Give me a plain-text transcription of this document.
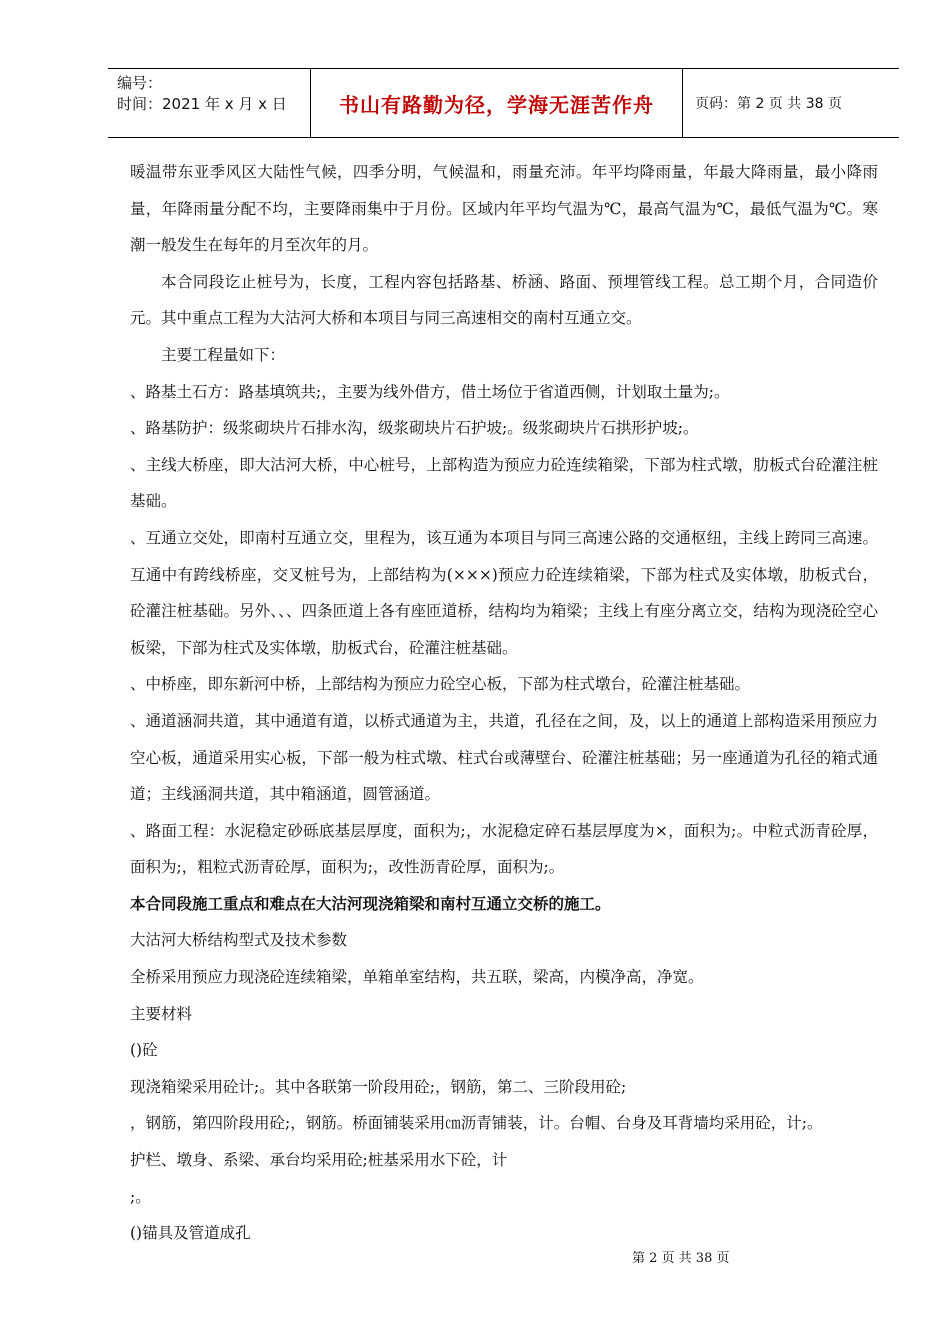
编号：
时间：2021 年 x 月 x 日	书山有路勤为径，学海无涯苦作舟	页码：第 2 页 共 38 页

暖温带东亚季风区大陆性气候，四季分明，气候温和，雨量充沛。年平均降雨量，年最大降雨量，最小降雨量，年降雨量分配不均，主要降雨集中于月份。区域内年平均气温为℃，最高气温为℃，最低气温为℃。寒潮一般发生在每年的月至次年的月。

本合同段讫止桩号为，长度，工程内容包括路基、桥涵、路面、预埋管线工程。总工期个月，合同造价元。其中重点工程为大沽河大桥和本项目与同三高速相交的南村互通立交。

主要工程量如下：

、路基土石方：路基填筑共;，主要为线外借方，借土场位于省道西侧，计划取土量为;。

、路基防护：级浆砌块片石排水沟，级浆砌块片石护坡;。级浆砌块片石拱形护坡;。

、主线大桥座，即大沽河大桥，中心桩号，上部构造为预应力砼连续箱梁，下部为柱式墩，肋板式台砼灌注桩基础。

、互通立交处，即南村互通立交，里程为，该互通为本项目与同三高速公路的交通枢纽，主线上跨同三高速。互通中有跨线桥座，交叉桩号为，上部结构为(×××)预应力砼连续箱梁，下部为柱式及实体墩，肋板式台，砼灌注桩基础。另外、、、四条匝道上各有座匝道桥，结构均为箱梁；主线上有座分离立交，结构为现浇砼空心板梁，下部为柱式及实体墩，肋板式台，砼灌注桩基础。

、中桥座，即东新河中桥，上部结构为预应力砼空心板，下部为柱式墩台，砼灌注桩基础。

、通道涵洞共道，其中通道有道，以桥式通道为主，共道，孔径在之间，及，以上的通道上部构造采用预应力空心板，通道采用实心板，下部一般为柱式墩、柱式台或薄壁台、砼灌注桩基础；另一座通道为孔径的箱式通道；主线涵洞共道，其中箱涵道，圆管涵道。

、路面工程：水泥稳定砂砾底基层厚度，面积为;，水泥稳定碎石基层厚度为×，面积为;。中粒式沥青砼厚，面积为;，粗粒式沥青砼厚，面积为;，改性沥青砼厚，面积为;。

本合同段施工重点和难点在大沽河现浇箱梁和南村互通立交桥的施工。

大沽河大桥结构型式及技术参数

全桥采用预应力现浇砼连续箱梁，单箱单室结构，共五联，梁高，内模净高，净宽。

主要材料

()砼

现浇箱梁采用砼计;。其中各联第一阶段用砼;，钢筋，第二、三阶段用砼;

，钢筋，第四阶段用砼;，钢筋。桥面铺装采用㎝沥青铺装，计。台帽、台身及耳背墙均采用砼，计;。

护栏、墩身、系梁、承台均采用砼;桩基采用水下砼，计

;。

()锚具及管道成孔

第 2 页 共 38 页
